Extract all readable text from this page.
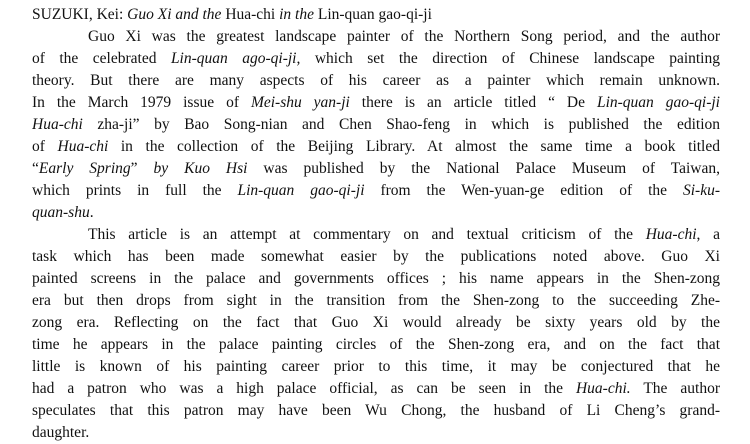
SUZUKI, Kei: Guo Xi and the Hua-chi in the Lin-quan gao-qi-ji
Guo Xi was the greatest landscape painter of the Northern Song period, and the author
of the celebrated Lin-quan ago-qi-ji, which set the direction of Chinese landscape painting
theory. But there are many aspects of his career as a painter which remain unknown.
In the March 1979 issue of Mei-shu yan-ji there is an article titled “ De Lin-quan gao-qi-ji
Hua-chi zha-ji” by Bao Song-nian and Chen Shao-feng in which is published the edition
of Hua-chi in the collection of the Beijing Library. At almost the same time a book titled
“Early Spring” by Kuo Hsi was published by the National Palace Museum of Taiwan,
which prints in full the Lin-quan gao-qi-ji from the Wen-yuan-ge edition of the Si-ku-
quan-shu.
This article is an attempt at commentary on and textual criticism of the Hua-chi, a
task which has been made somewhat easier by the publications noted above. Guo Xi
painted screens in the palace and governments offices ; his name appears in the Shen-zong
era but then drops from sight in the transition from the Shen-zong to the succeeding Zhe-
zong era. Reflecting on the fact that Guo Xi would already be sixty years old by the
time he appears in the palace painting circles of the Shen-zong era, and on the fact that
little is known of his painting career prior to this time, it may be conjectured that he
had a patron who was a high palace official, as can be seen in the Hua-chi. The author
speculates that this patron may have been Wu Chong, the husband of Li Cheng’s grand-
daughter.
